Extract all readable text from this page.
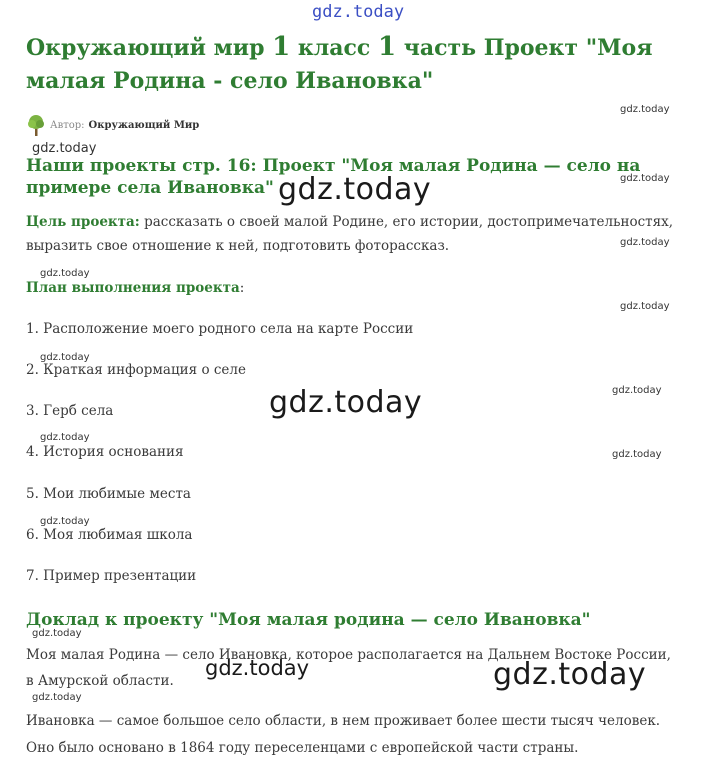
gdz.today
Окружающий мир 1 класс 1 часть Проект "Моя малая Родина - село Ивановка"
Автор: Окружающий Мир
gdz.today
gdz.today
gdz.today
gdz.today
gdz.today
gdz.today
gdz.today
gdz.today
gdz.today
gdz.today
gdz.today
gdz.today
gdz.today
gdz.today
gdz.today
gdz.today
gdz.today
Наши проекты стр. 16: Проект "Моя малая Родина — село на примере села Ивановка"

Цель проекта: рассказать о своей малой Родине, его истории, достопримечательностях, выразить свое отношение к ней, подготовить фоторассказ.

План выполнения проекта:
1. Расположение моего родного села на карте России
2. Краткая информация о селе
3. Герб села
4. История основания
5. Мои любимые места
6. Моя любимая школа
7. Пример презентации
Доклад к проекту "Моя малая родина — село Ивановка"

Моя малая Родина — село Ивановка, которое располагается на Дальнем Востоке России, в Амурской области.

Ивановка — самое большое село области, в нем проживает более шести тысяч человек. Оно было основано в 1864 году переселенцами с европейской части страны.
